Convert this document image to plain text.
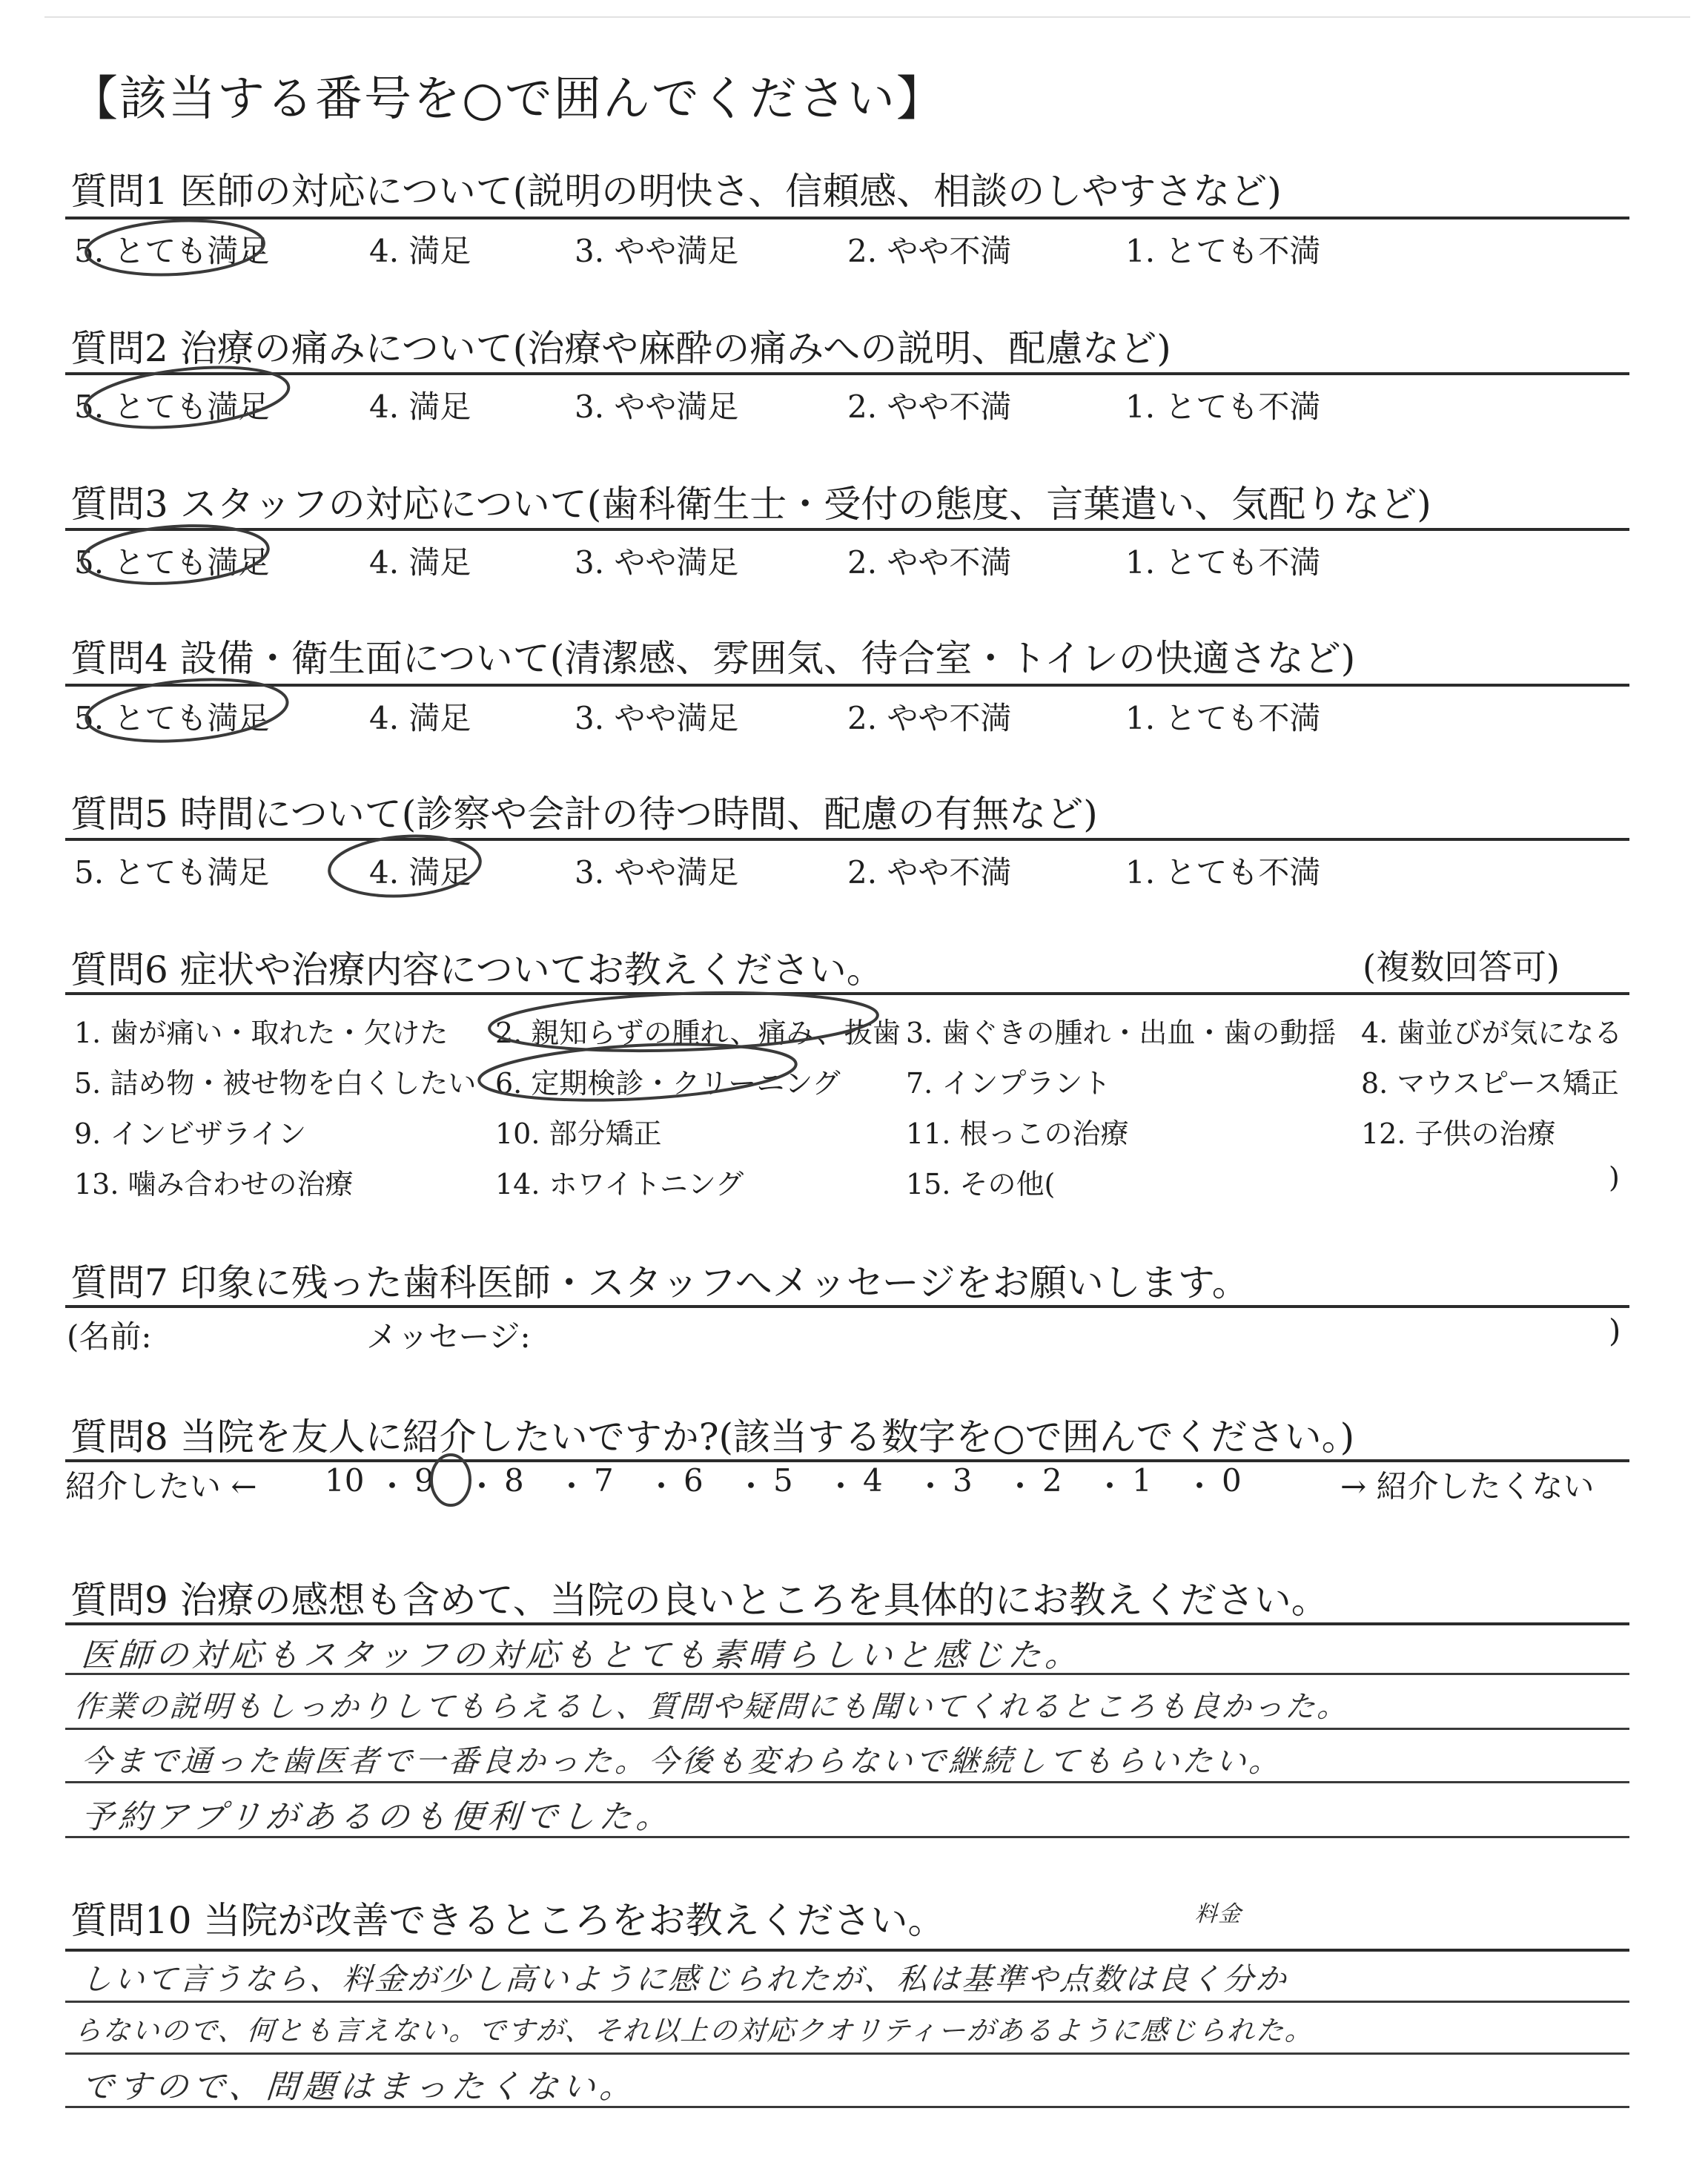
【該当する番号を○で囲んでください】
質問1 医師の対応について(説明の明快さ、信頼感、相談のしやすさなど)
5. とても満足	4. 満足	3. やや満足	2. やや不満	1. とても不満
質問2 治療の痛みについて(治療や麻酔の痛みへの説明、配慮など)
5. とても満足	4. 満足	3. やや満足	2. やや不満	1. とても不満
質問3 スタッフの対応について(歯科衛生士・受付の態度、言葉遣い、気配りなど)
5. とても満足	4. 満足	3. やや満足	2. やや不満	1. とても不満
質問4 設備・衛生面について(清潔感、雰囲気、待合室・トイレの快適さなど)
5. とても満足	4. 満足	3. やや満足	2. やや不満	1. とても不満
質問5 時間について(診察や会計の待つ時間、配慮の有無など)
5. とても満足	4. 満足	3. やや満足	2. やや不満	1. とても不満
質問6 症状や治療内容についてお教えください。	(複数回答可)
1. 歯が痛い・取れた・欠けた 2. 親知らずの腫れ、痛み、抜歯 3. 歯ぐきの腫れ・出血・歯の動揺 4. 歯並びが気になる
5. 詰め物・被せ物を白くしたい 6. 定期検診・クリーニング 7. インプラント	8. マウスピース矯正
9. インビザライン	10. 部分矯正	11. 根っこの治療	12. 子供の治療
13. 噛み合わせの治療	14. ホワイトニング	15. その他(	)
質問7 印象に残った歯科医師・スタッフへメッセージをお願いします。
(名前:	メッセージ:	)
質問8 当院を友人に紹介したいですか?(該当する数字を○で囲んでください。)
紹介したい ← 10 ・ 9 ・ 8 ・ 7 ・ 6 ・ 5 ・ 4 ・ 3 ・ 2 ・ 1 ・ 0	→ 紹介したくない
質問9 治療の感想も含めて、当院の良いところを具体的にお教えください。
医師の対応もスタッフの対応もとても素晴らしいと感じた。
作業の説明もしっかりしてもらえるし、質問や疑問にも聞いてくれるところも良かった。
今まで通った歯医者で一番良かった。今後も変わらないで継続してもらいたい。
予約アプリがあるのも便利でした。
質問10 当院が改善できるところをお教えください。	料金
しいて言うなら、料金が少し高いように感じられたが、私は基準や点数は良く分か
らないので、何とも言えない。ですが、それ以上の対応クオリティーがあるように感じられた。
ですので、問題はまったくない。
